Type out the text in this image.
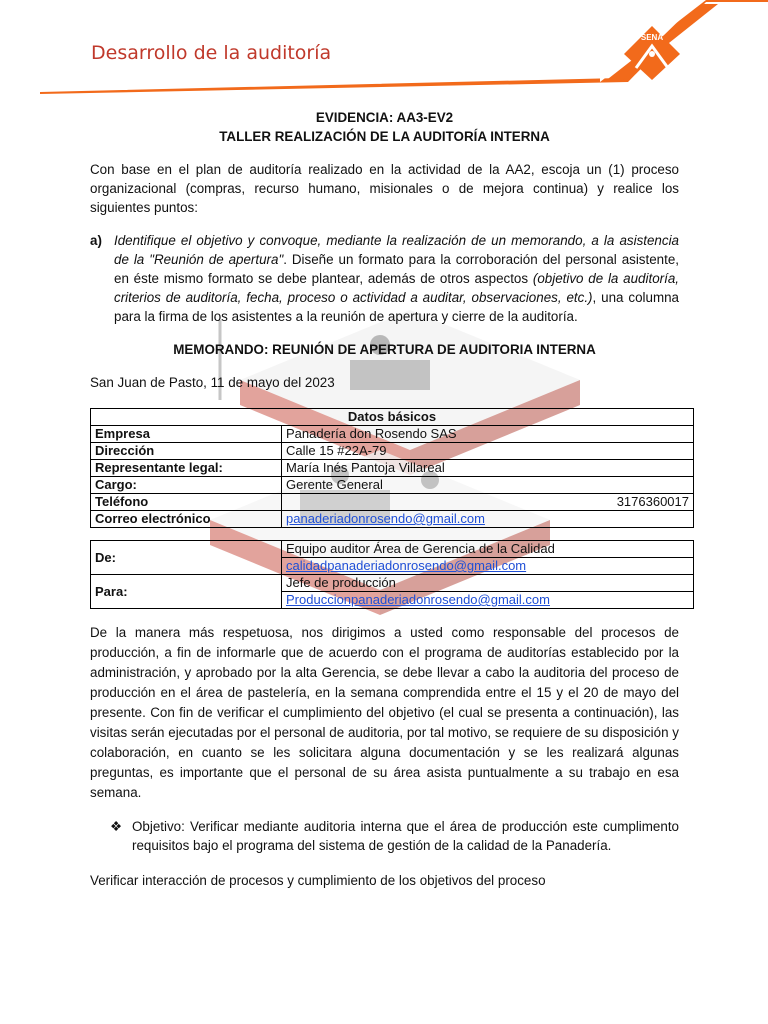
SENA
Desarrollo de la auditoría
EVIDENCIA: AA3-EV2
TALLER REALIZACIÓN DE LA AUDITORÍA INTERNA

Con base en el plan de auditoría realizado en la actividad de la AA2, escoja un (1) proceso organizacional (compras, recurso humano, misionales o de mejora continua) y realice los siguientes puntos:

a) Identifique el objetivo y convoque, mediante la realización de un memorando, a la asistencia de la "Reunión de apertura". Diseñe un formato para la corroboración del personal asistente, en éste mismo formato se debe plantear, además de otros aspectos (objetivo de la auditoría, criterios de auditoría, fecha, proceso o actividad a auditar, observaciones, etc.), una columna para la firma de los asistentes a la reunión de apertura y cierre de la auditoría.
MEMORANDO: REUNIÓN DE APERTURA DE AUDITORIA INTERNA

San Juan de Pasto, 11 de mayo del 2023

Datos básicos	
Empresa	Panadería don Rosendo SAS
Dirección	Calle 15 #22A-79
Representante legal:	María Inés Pantoja Villareal
Cargo:	Gerente General
Teléfono	3176360017
Correo electrónico	panaderiadonrosendo@gmail.com
De:	Equipo auditor Área de Gerencia de la Calidad
	calidadpanaderiadonrosendo@gmail.com
Para:	Jefe de producción
	Produccionpanaderiadonrosendo@gmail.com

De la manera más respetuosa, nos dirigimos a usted como responsable del procesos de producción, a fin de informarle que de acuerdo con el programa de auditorías establecido por la administración, y aprobado por la alta Gerencia, se debe llevar a cabo la auditoria del proceso de producción en el área de pastelería, en la semana comprendida entre el 15 y el 20 de mayo del presente. Con fin de verificar el cumplimiento del objetivo (el cual se presenta a continuación), las visitas serán ejecutadas por el personal de auditoria, por tal motivo, se requiere de su disposición y colaboración, en cuanto se les solicitara alguna documentación y se les realizará algunas preguntas, es importante que el personal de su área asista puntualmente a su trabajo en esa semana.

❖ Objetivo: Verificar mediante auditoria interna que el área de producción este cumplimento requisitos bajo el programa del sistema de gestión de la calidad de la Panadería.

Verificar interacción de procesos y cumplimiento de los objetivos del proceso
